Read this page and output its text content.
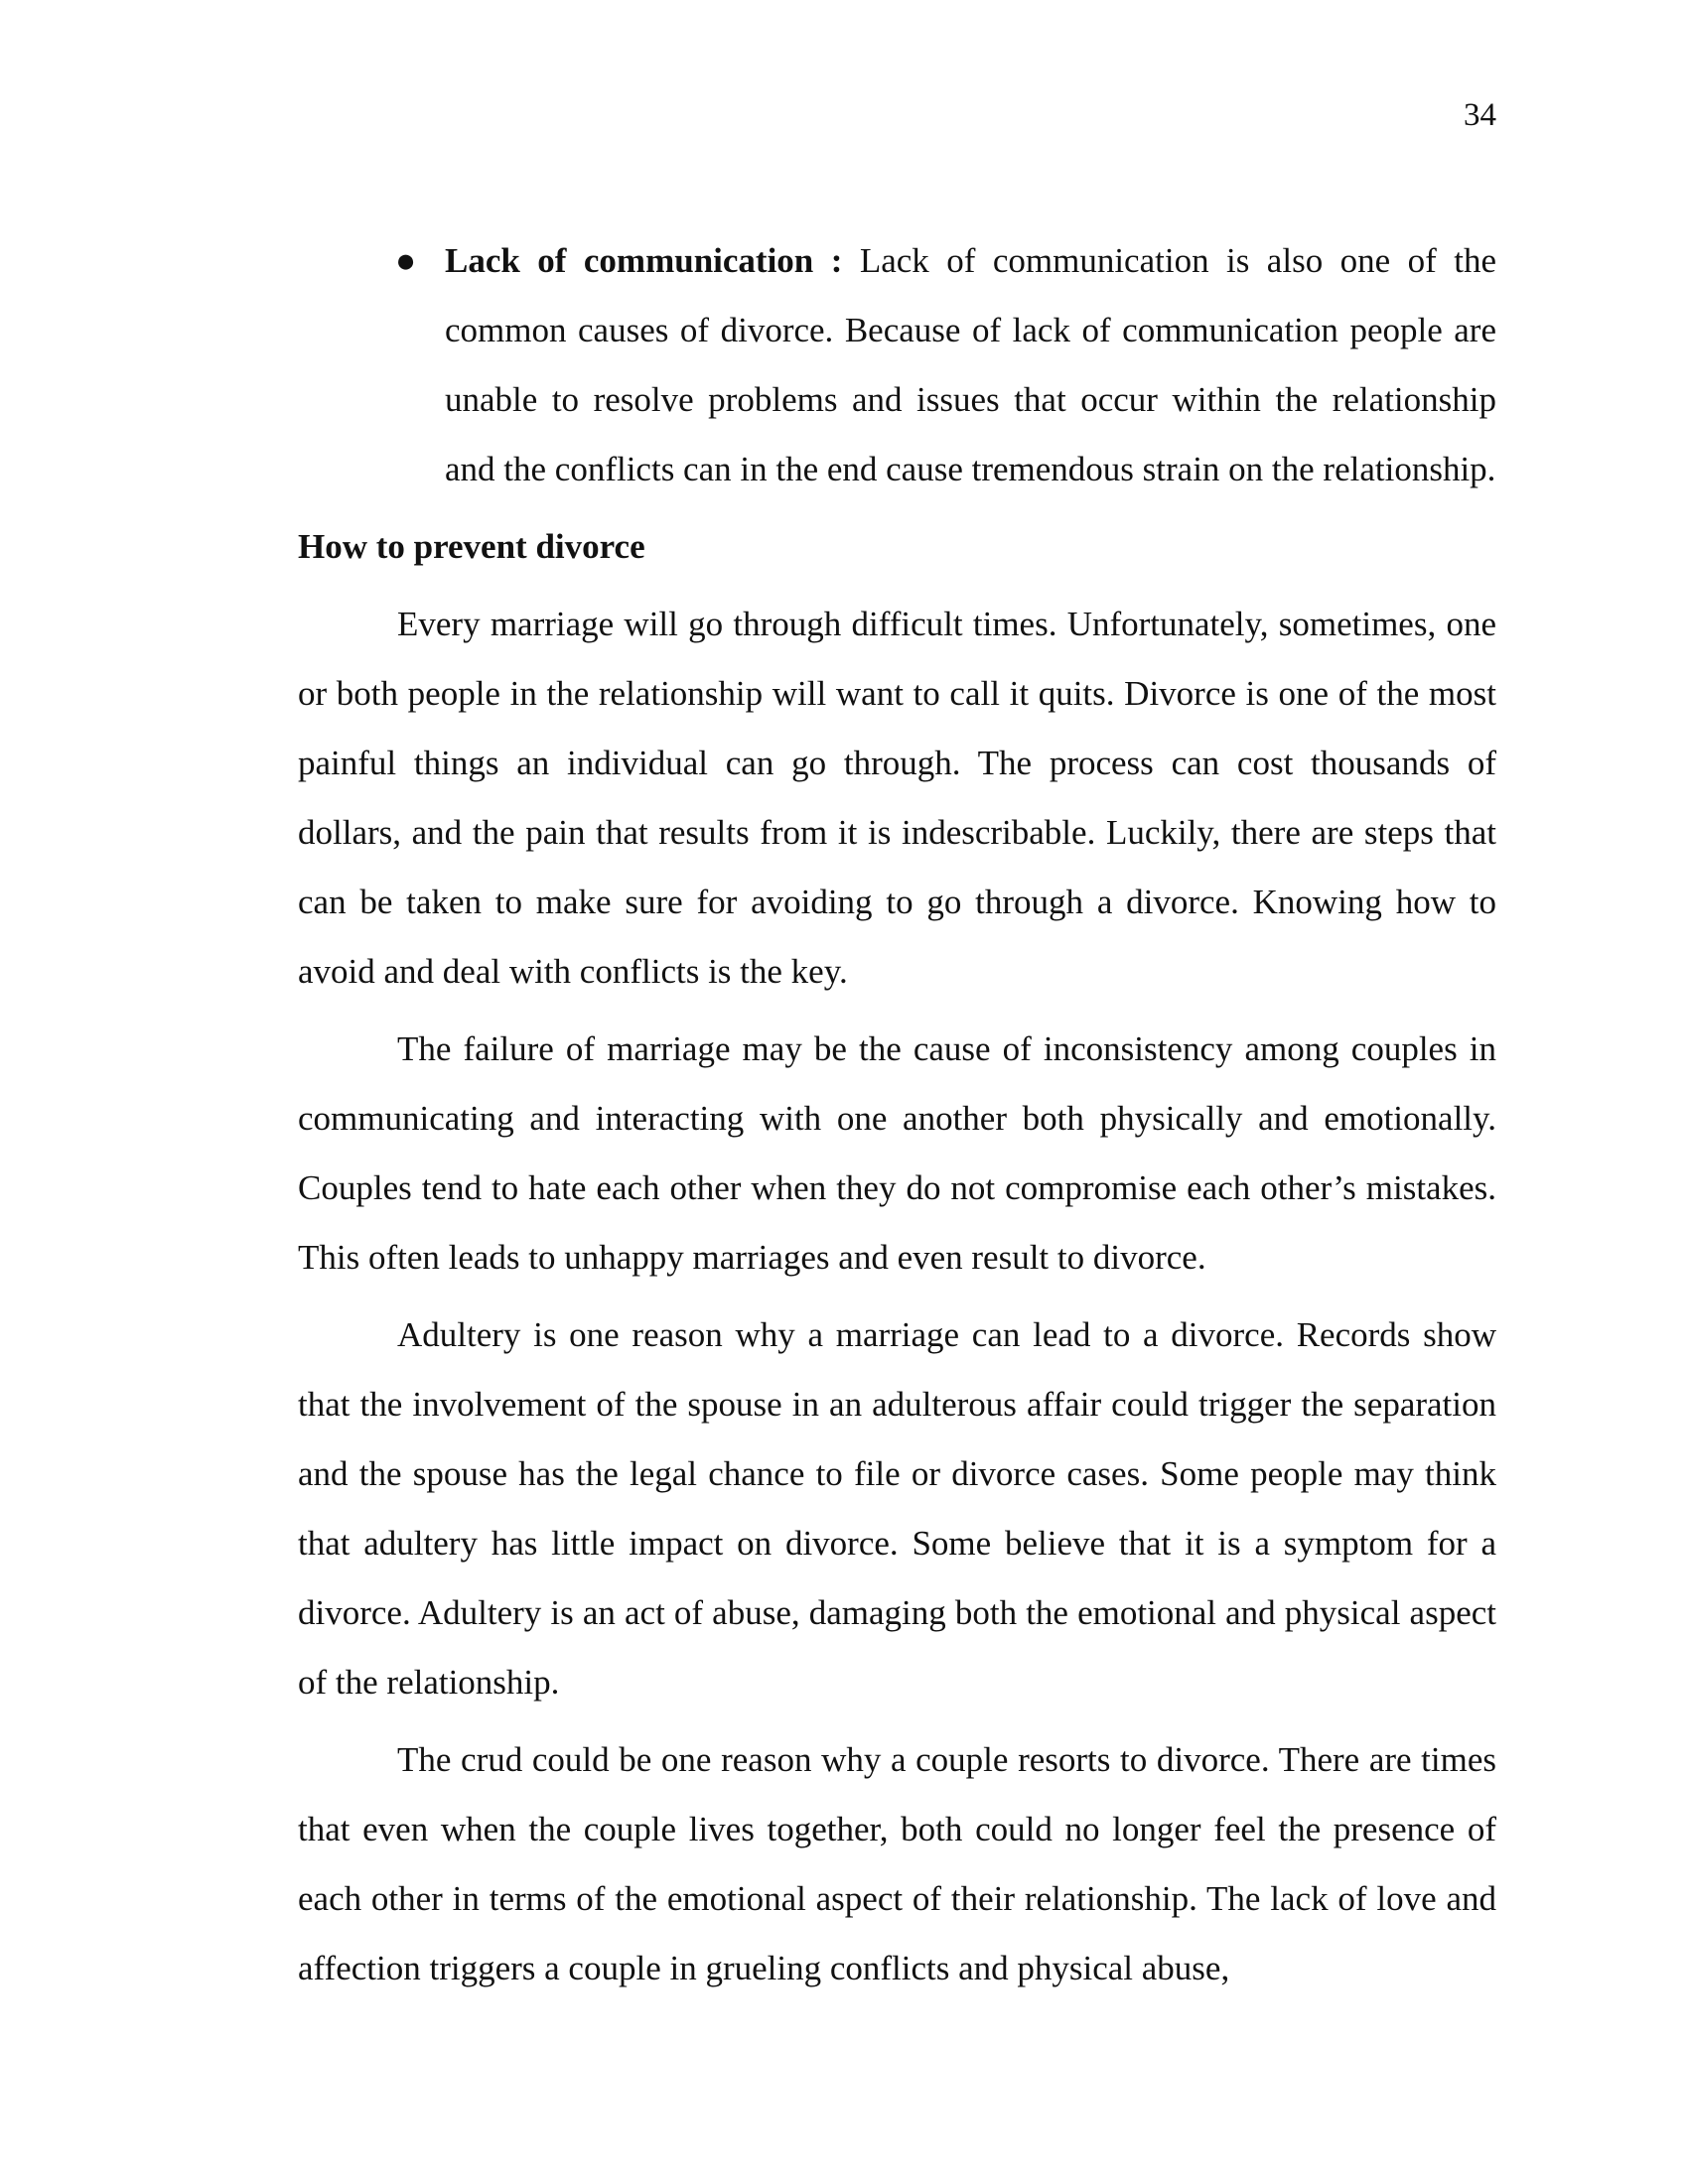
34

● Lack of communication : Lack of communication is also one of the common causes of divorce. Because of lack of communication people are unable to resolve problems and issues that occur within the relationship and the conflicts can in the end cause tremendous strain on the relationship.

How to prevent divorce

Every marriage will go through difficult times. Unfortunately, sometimes, one or both people in the relationship will want to call it quits. Divorce is one of the most painful things an individual can go through. The process can cost thousands of dollars, and the pain that results from it is indescribable. Luckily, there are steps that can be taken to make sure for avoiding to go through a divorce. Knowing how to avoid and deal with conflicts is the key.

The failure of marriage may be the cause of inconsistency among couples in communicating and interacting with one another both physically and emotionally. Couples tend to hate each other when they do not compromise each other’s mistakes. This often leads to unhappy marriages and even result to divorce.

Adultery is one reason why a marriage can lead to a divorce. Records show that the involvement of the spouse in an adulterous affair could trigger the separation and the spouse has the legal chance to file or divorce cases. Some people may think that adultery has little impact on divorce. Some believe that it is a symptom for a divorce. Adultery is an act of abuse, damaging both the emotional and physical aspect of the relationship.

The crud could be one reason why a couple resorts to divorce. There are times that even when the couple lives together, both could no longer feel the presence of each other in terms of the emotional aspect of their relationship. The lack of love and affection triggers a couple in grueling conflicts and physical abuse,
